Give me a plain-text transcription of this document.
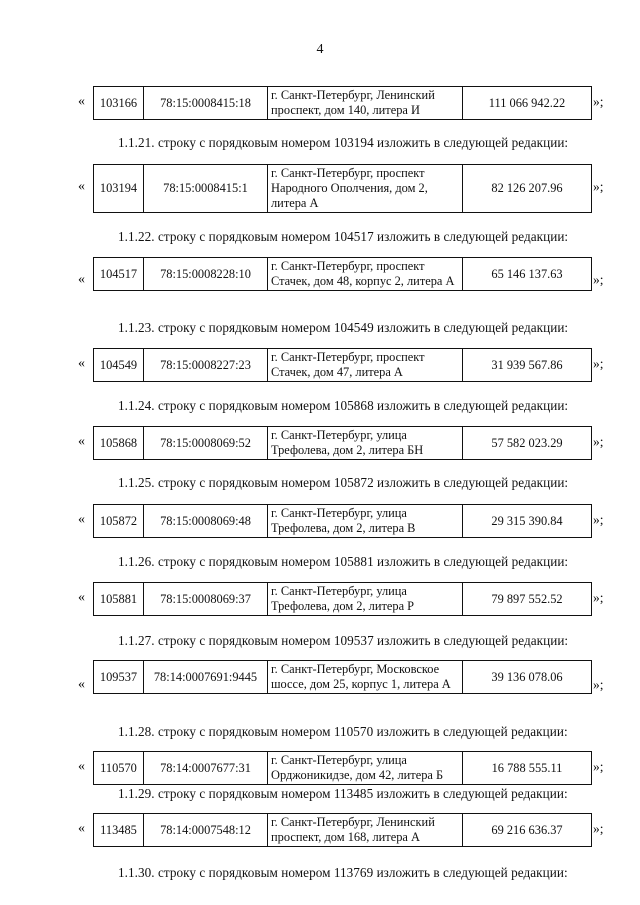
4
« 103166	78:15:0008415:18	г. Санкт-Петербург, Ленинский проспект, дом 140, литера И	111 066 942.22 »;
1.1.21. строку с порядковым номером 103194 изложить в следующей редакции:
« 103194	78:15:0008415:1	г. Санкт-Петербург, проспект Народного Ополчения, дом 2, литера А	82 126 207.96 »;
1.1.22. строку с порядковым номером 104517 изложить в следующей редакции:
« 104517	78:15:0008228:10	г. Санкт-Петербург, проспект Стачек, дом 48, корпус 2, литера А	65 146 137.63 »;
1.1.23. строку с порядковым номером 104549 изложить в следующей редакции:
« 104549	78:15:0008227:23	г. Санкт-Петербург, проспект Стачек, дом 47, литера А	31 939 567.86 »;
1.1.24. строку с порядковым номером 105868 изложить в следующей редакции:
« 105868	78:15:0008069:52	г. Санкт-Петербург, улица Трефолева, дом 2, литера БН	57 582 023.29 »;
1.1.25. строку с порядковым номером 105872 изложить в следующей редакции:
« 105872	78:15:0008069:48	г. Санкт-Петербург, улица Трефолева, дом 2, литера В	29 315 390.84 »;
1.1.26. строку с порядковым номером 105881 изложить в следующей редакции:
« 105881	78:15:0008069:37	г. Санкт-Петербург, улица Трефолева, дом 2, литера Р	79 897 552.52 »;
1.1.27. строку с порядковым номером 109537 изложить в следующей редакции:
«
109537	78:14:0007691:9445	г. Санкт-Петербург, Московское шоссе, дом 25, корпус 1, литера А	39 136 078.06
»;
1.1.28. строку с порядковым номером 110570 изложить в следующей редакции:
« 110570	78:14:0007677:31	г. Санкт-Петербург, улица Орджоникидзе, дом 42, литера Б	16 788 555.11 »;
1.1.29. строку с порядковым номером 113485 изложить в следующей редакции:
« 113485	78:14:0007548:12	г. Санкт-Петербург, Ленинский проспект, дом 168, литера А	69 216 636.37 »;
1.1.30. строку с порядковым номером 113769 изложить в следующей редакции:
